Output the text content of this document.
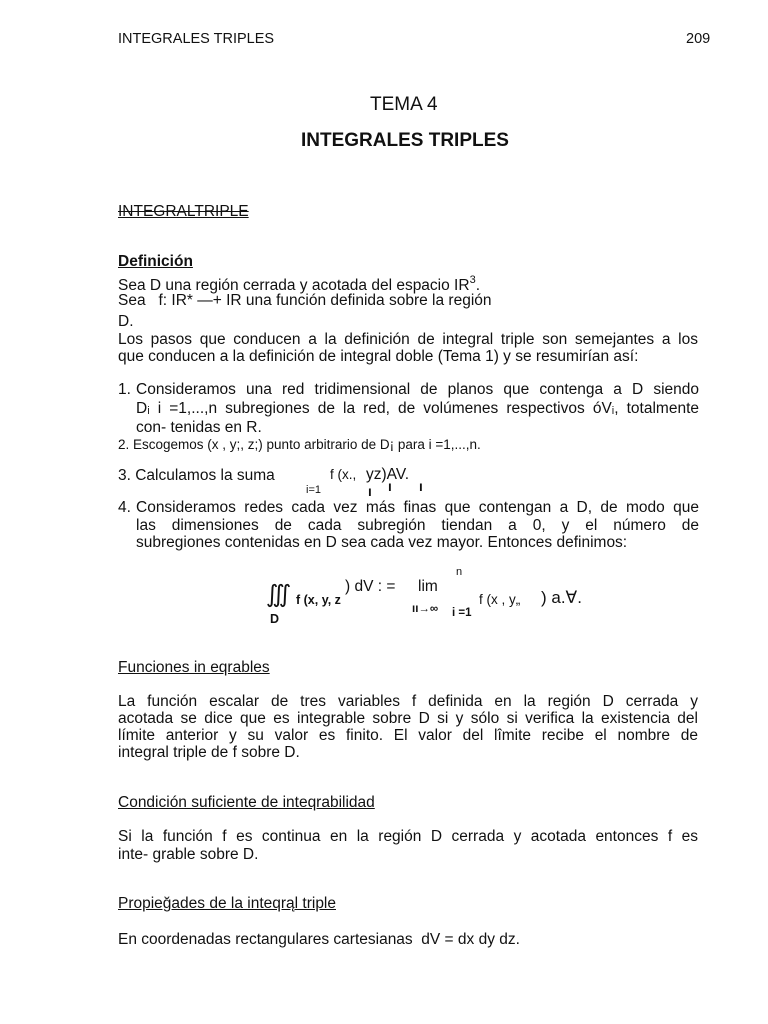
INTEGRALES TRIPLES	209
TEMA 4
INTEGRALES TRIPLES
INTEGRALTRIPLE
Definición
Sea D una región cerrada y acotada del espacio $IR^3$.
Sea   f: IR* —+ IR una función definida sobre la región
D.
Los pasos que conducen a la definición de integral triple son semejantes a los
que conducen a la definición de integral doble (Tema 1) y se resumirían así:
1. Consideramos una red tridimensional de planos que contenga a D siendo
Dᵢ i =1,...,n subregiones de la red, de volúmenes respectivos óVᵢ, totalmente
con- tenidas en R.
2. Escogemos (x , y;, z;) punto arbitrario de D¡ para i =1,...,n.
3. Calculamos la suma	f (x., yz)AV.
i=1	ı ı ı
4. Consideramos redes cada vez más finas que contengan a D, de modo que
las dimensiones de cada subregión tiendan a 0, y el número de
subregiones contenidas en D sea cada vez mayor. Entonces definimos:
n
∭ f (x, y, z
D
) dV : = lim
ıı→∞ i =1
f (x , y„ ) a.∀.
Funciones in eqrables
La función escalar de tres variables f definida en la región D cerrada y
acotada se dice que es integrable sobre D si y sólo si verifica la existencia del
límite anterior y su valor es finito. El valor del lîmite recibe el nombre de
integral triple de f sobre D.
Condición suficiente de inteqrabilidad
Si la función f es continua en la región D cerrada y acotada entonces f es
inte- grable sobre D.
Propieğades de la inteqrąl triple
En coordenadas rectangulares cartesianas  dV = dx dy dz.
